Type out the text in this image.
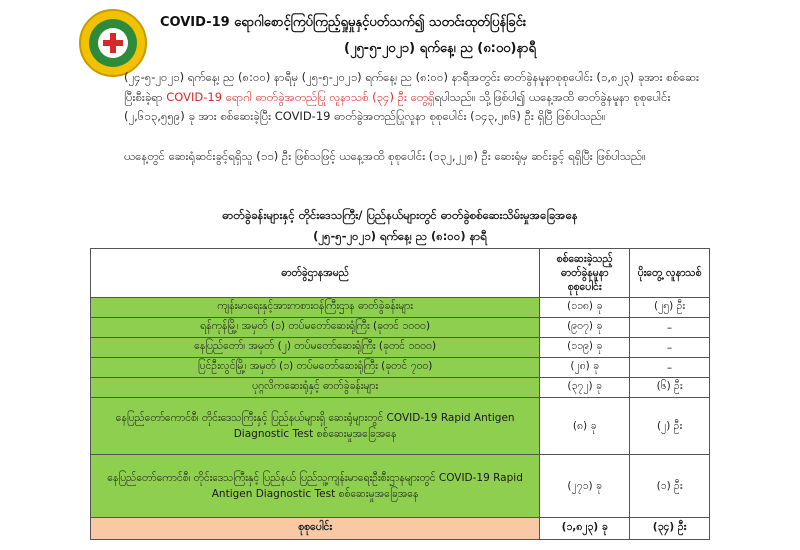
COVID-19 ရောဂါစောင့်ကြပ်ကြည့်ရှုမှုနှင့်ပတ်သက်၍ သတင်းထုတ်ပြန်ခြင်း
(၂၅-၅-၂၀၂၁) ရက်နေ့၊ ည (၈:၀၀)နာရီ

(၂၄-၅-၂၀၂၁) ရက်နေ့၊ ည (၈:၀၀) နာရီမှ (၂၅-၅-၂၀၂၁) ရက်နေ့၊ ည (၈:၀၀) နာရီအတွင်း ဓာတ်ခွဲနမူနာစုစုပေါင်း (၁,၈၂၃) ခုအား စစ်ဆေးပြီးစီးခဲ့ရာ COVID-19 ရောဂါ ဓာတ်ခွဲအတည်ပြု လူနာသစ် (၃၄) ဦး တွေ့ရှိရပါသည်။ သို့ဖြစ်ပါ၍ ယနေ့အထိ ဓာတ်ခွဲနမူနာ စုစုပေါင်း (၂,၆၁၃,၅၅၉) ခု အား စစ်ဆေးခဲ့ပြီး COVID-19 ဓာတ်ခွဲအတည်ပြုလူနာ စုစုပေါင်း (၁၄၃,၂၈၆) ဦး ရှိပြီ ဖြစ်ပါသည်။

ယနေ့တွင် ဆေးရုံဆင်းခွင့်ရရှိသူ (၁၁) ဦး ဖြစ်သဖြင့် ယနေ့အထိ စုစုပေါင်း (၁၃၂,၂၂၈) ဦး ဆေးရုံမှ ဆင်းခွင့် ရရှိပြီး ဖြစ်ပါသည်။

ဓာတ်ခွဲခန်းများနှင့် တိုင်းဒေသကြီး/ ပြည်နယ်များတွင် ဓာတ်ခွဲစစ်ဆေးသိမ်းမှုအခြေအနေ
(၂၅-၅-၂၀၂၁) ရက်နေ့၊ ည (၈:၀၀) နာရီ
ဓာတ်ခွဲဌာနအမည်	စစ်ဆေးခဲ့သည့် ဓာတ်ခွဲနမူနာ စုစုပေါင်း	ပိုးတွေ့ လူနာသစ်
ကျန်းမာရေးနှင့်အားကစားဝန်ကြီးဌာန ဓာတ်ခွဲခန်းများ	(၁၁၈) ခု	(၂၅) ဦး
ရန်ကုန်မြို့၊ အမှတ် (၁) တပ်မတော်ဆေးရုံကြီး (ခုတင် ၁၀၀၀)	(၉၀၇) ခု	–
နေပြည်တော်၊ အမှတ် (၂) တပ်မတော်ဆေးရုံကြီး (ခုတင် ၁၀၀၀)	(၁၁၉) ခု	–
ပြင်ဦးလွင်မြို့၊ အမှတ် (၁) တပ်မတော်ဆေးရုံကြီး (ခုတင် ၇၀၀)	(၂၈) ခု	–
ပုဂ္ဂလိကဆေးရုံနှင့် ဓာတ်ခွဲခန်းများ	(၃၇၂) ခု	(၆) ဦး
နေပြည်တော်ကောင်စီ၊ တိုင်းဒေသကြီးနှင့် ပြည်နယ်များရှိ ဆေးရုံများတွင် COVID-19 Rapid Antigen Diagnostic Test စစ်ဆေးမှုအခြေအနေ	(၈) ခု	(၂) ဦး
နေပြည်တော်ကောင်စီ၊ တိုင်းဒေသကြီးနှင့် ပြည်နယ် ပြည်သူ့ကျန်းမာရေးဦးစီးဌာနများတွင် COVID-19 Rapid Antigen Diagnostic Test စစ်ဆေးမှုအခြေအနေ	(၂၇၁) ခု	(၁) ဦး
စုစုပေါင်း	(၁,၈၂၃) ခု	(၃၄) ဦး
